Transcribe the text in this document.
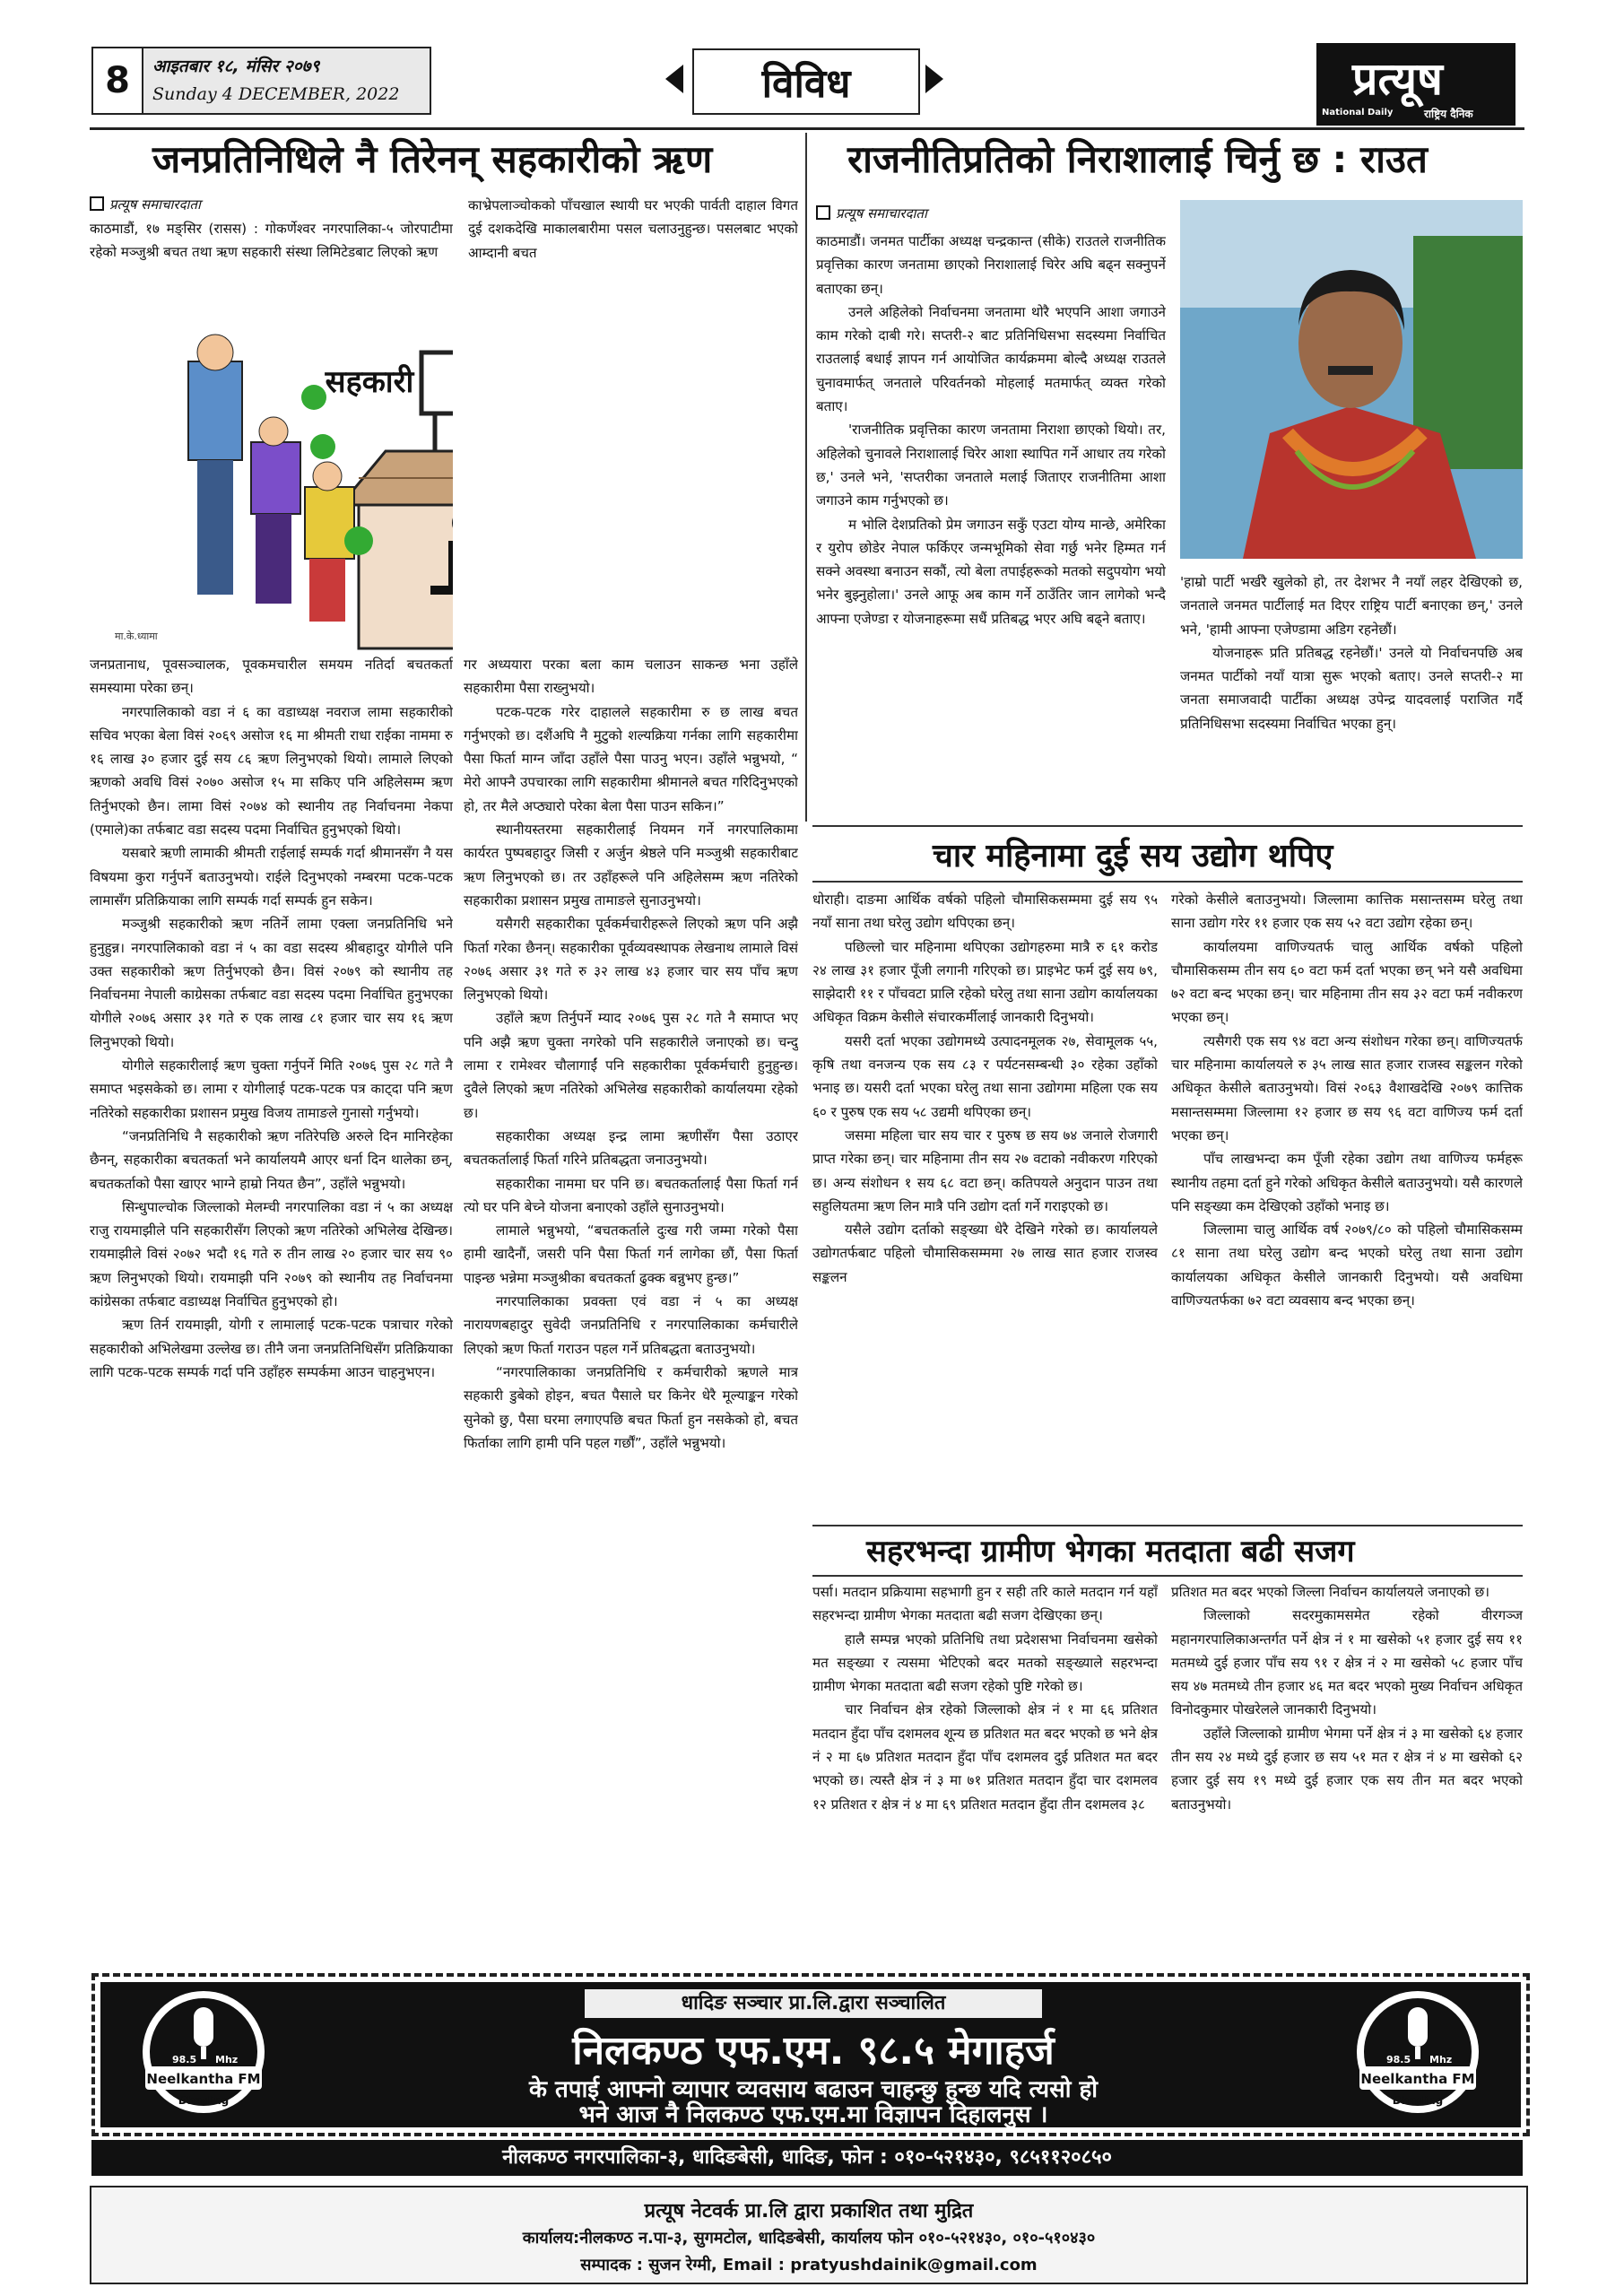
8	आइतबार १८, मंसिर २०७९
Sunday 4 DECEMBER, 2022	विविध	प्रत्यूष
National Daily	राष्ट्रिय दैनिक
जनप्रतिनिधिले नै तिरेनन् सहकारीको ऋण	राजनीतिप्रतिको निराशालाई चिर्नु छ : राउत
प्रत्यूष समाचारदाता

काठमाडौं, १७ मङ्सिर (रासस) : गोकर्णेश्वर नगरपालिका-५ जोरपाटीमा रहेको मञ्जुश्री बचत तथा ऋण सहकारी संस्था लिमिटेडबाट लिएको ऋण

काभ्रेपलाञ्चोकको पाँचखाल स्थायी घर भएकी पार्वती दाहाल विगत दुई दशकदेखि माकालबारीमा पसल चलाउनुहुन्छ। पसलबाट भएको आम्दानी बचत

मा.के.ध्यामा
सहकारी

जनप्रतानाध, पूवसञ्चालक, पूवकमचारील समयम नतिर्दा बचतकर्ता समस्यामा परेका छन्।

नगरपालिकाको वडा नं ६ का वडाध्यक्ष नवराज लामा सहकारीको सचिव भएका बेला विसं २०६९ असोज १६ मा श्रीमती राधा राईका नाममा रु १६ लाख ३० हजार दुई सय ८६ ऋण लिनुभएको थियो। लामाले लिएको ऋणको अवधि विसं २०७० असोज १५ मा सकिए पनि अहिलेसम्म ऋण तिर्नुभएको छैन। लामा विसं २०७४ को स्थानीय तह निर्वाचनमा नेकपा (एमाले)का तर्फबाट वडा सदस्य पदमा निर्वाचित हुनुभएको थियो।

यसबारे ऋणी लामाकी श्रीमती राईलाई सम्पर्क गर्दा श्रीमानसँग नै यस विषयमा कुरा गर्नुपर्ने बताउनुभयो। राईले दिनुभएको नम्बरमा पटक-पटक लामासँग प्रतिक्रियाका लागि सम्पर्क गर्दा सम्पर्क हुन सकेन।

मञ्जुश्री सहकारीको ऋण नतिर्ने लामा एक्ला जनप्रतिनिधि भने हुनुहुन्न। नगरपालिकाको वडा नं ५ का वडा सदस्य श्रीबहादुर योगीले पनि उक्त सहकारीको ऋण तिर्नुभएको छैन। विसं २०७९ को स्थानीय तह निर्वाचनमा नेपाली काग्रेसका तर्फबाट वडा सदस्य पदमा निर्वाचित हुनुभएका योगीले २०७६ असार ३१ गते रु एक लाख ८१ हजार चार सय १६ ऋण लिनुभएको थियो।

योगीले सहकारीलाई ऋण चुक्ता गर्नुपर्ने मिति २०७६ पुस २८ गते नै समाप्त भइसकेको छ। लामा र योगीलाई पटक-पटक पत्र काट्दा पनि ऋण नतिरेको सहकारीका प्रशासन प्रमुख विजय तामाङले गुनासो गर्नुभयो।

“जनप्रतिनिधि नै सहकारीको ऋण नतिरेपछि अरुले दिन मानिरहेका छैनन्, सहकारीका बचतकर्ता भने कार्यालयमै आएर धर्ना दिन थालेका छन्, बचतकर्ताको पैसा खाएर भाग्ने हाम्रो नियत छैन”, उहाँले भन्नुभयो।

सिन्धुपाल्चोक जिल्लाको मेलम्ची नगरपालिका वडा नं ५ का अध्यक्ष राजु रायमाझीले पनि सहकारीसँग लिएको ऋण नतिरेको अभिलेख देखिन्छ। रायमाझीले विसं २०७२ भदौ १६ गते रु तीन लाख २० हजार चार सय ९० ऋण लिनुभएको थियो। रायमाझी पनि २०७९ को स्थानीय तह निर्वाचनमा कांग्रेसका तर्फबाट वडाध्यक्ष निर्वाचित हुनुभएको हो।

ऋण तिर्न रायमाझी, योगी र लामालाई पटक-पटक पत्राचार गरेको सहकारीको अभिलेखमा उल्लेख छ। तीनै जना जनप्रतिनिधिसँग प्रतिक्रियाका लागि पटक-पटक सम्पर्क गर्दा पनि उहाँहरु सम्पर्कमा आउन चाहनुभएन।

गर अध्ययारा परका बला काम चलाउन साकन्छ भना उहाँले सहकारीमा पैसा राख्नुभयो।

पटक-पटक गरेर दाहालले सहकारीमा रु छ लाख बचत गर्नुभएको छ। दशैंअघि नै मुटुको शल्यक्रिया गर्नका लागि सहकारीमा पैसा फिर्ता माग्न जाँदा उहाँले पैसा पाउनु भएन। उहाँले भन्नुभयो, “ मेरो आफ्नै उपचारका लागि सहकारीमा श्रीमानले बचत गरिदिनुभएको हो, तर मैले अप्ठ्यारो परेका बेला पैसा पाउन सकिन।”

स्थानीयस्तरमा सहकारीलाई नियमन गर्ने नगरपालिकामा कार्यरत पुष्पबहादुर जिसी र अर्जुन श्रेष्ठले पनि मञ्जुश्री सहकारीबाट ऋण लिनुभएको छ। तर उहाँहरूले पनि अहिलेसम्म ऋण नतिरेको सहकारीका प्रशासन प्रमुख तामाङले सुनाउनुभयो।

यसैगरी सहकारीका पूर्वकर्मचारीहरूले लिएको ऋण पनि अझै फिर्ता गरेका छैनन्। सहकारीका पूर्वव्यवस्थापक लेखनाथ लामाले विसं २०७६ असार ३१ गते रु ३२ लाख ४३ हजार चार सय पाँच ऋण लिनुभएको थियो।

उहाँले ऋण तिर्नुपर्ने म्याद २०७६ पुस २८ गते नै समाप्त भए पनि अझै ऋण चुक्ता नगरेको पनि सहकारीले जनाएको छ। चन्दु लामा र रामेश्वर चौलागाईं पनि सहकारीका पूर्वकर्मचारी हुनुहुन्छ। दुवैले लिएको ऋण नतिरेको अभिलेख सहकारीको कार्यालयमा रहेको छ।

सहकारीका अध्यक्ष इन्द्र लामा ऋणीसँग पैसा उठाएर बचतकर्तालाई फिर्ता गरिने प्रतिबद्धता जनाउनुभयो।

सहकारीका नाममा घर पनि छ। बचतकर्तालाई पैसा फिर्ता गर्न त्यो घर पनि बेच्ने योजना बनाएको उहाँले सुनाउनुभयो।

लामाले भन्नुभयो, “बचतकर्ताले दुःख गरी जम्मा गरेको पैसा हामी खादैनौं, जसरी पनि पैसा फिर्ता गर्न लागेका छौं, पैसा फिर्ता पाइन्छ भन्नेमा मञ्जुश्रीका बचतकर्ता ढुक्क बन्नुभए हुन्छ।”

नगरपालिकाका प्रवक्ता एवं वडा नं ५ का अध्यक्ष नारायणबहादुर सुवेदी जनप्रतिनिधि र नगरपालिकाका कर्मचारीले लिएको ऋण फिर्ता गराउन पहल गर्ने प्रतिबद्धता बताउनुभयो।

“नगरपालिकाका जनप्रतिनिधि र कर्मचारीको ऋणले मात्र सहकारी डुबेको होइन, बचत पैसाले घर किनेर धेरै मूल्याङ्कन गरेको सुनेको छु, पैसा घरमा लगाएपछि बचत फिर्ता हुन नसकेको हो, बचत फिर्ताका लागि हामी पनि पहल गर्छौं”, उहाँले भन्नुभयो।

प्रत्यूष समाचारदाता

काठमाडौं। जनमत पार्टीका अध्यक्ष चन्द्रकान्त (सीके) राउतले राजनीतिक प्रवृत्तिका कारण जनतामा छाएको निराशालाई चिरेर अघि बढ्न सक्नुपर्ने बताएका छन्।

उनले अहिलेको निर्वाचनमा जनतामा थोरै भएपनि आशा जगाउने काम गरेको दाबी गरे। सप्तरी-२ बाट प्रतिनिधिसभा सदस्यमा निर्वाचित राउतलाई बधाई ज्ञापन गर्न आयोजित कार्यक्रममा बोल्दै अध्यक्ष राउतले चुनावमार्फत् जनताले परिवर्तनको मोहलाई मतमार्फत् व्यक्त गरेको बताए।

'राजनीतिक प्रवृत्तिका कारण जनतामा निराशा छाएको थियो। तर, अहिलेको चुनावले निराशालाई चिरेर आशा स्थापित गर्ने आधार तय गरेको छ,' उनले भने, 'सप्तरीका जनताले मलाई जिताएर राजनीतिमा आशा जगाउने काम गर्नुभएको छ।

म भोलि देशप्रतिको प्रेम जगाउन सकुँ एउटा योग्य मान्छे, अमेरिका र युरोप छोडेर नेपाल फर्किएर जन्मभूमिको सेवा गर्छु भनेर हिम्मत गर्न सक्ने अवस्था बनाउन सकौं, त्यो बेला तपाईहरूको मतको सदुपयोग भयो भनेर बुझ्नुहोला।' उनले आफू अब काम गर्ने ठाउँतिर जान लागेको भन्दै आफ्ना एजेण्डा र योजनाहरूमा सधैं प्रतिबद्ध भएर अघि बढ्ने बताए।

'हाम्रो पार्टी भर्खरै खुलेको हो, तर देशभर नै नयाँ लहर देखिएको छ, जनताले जनमत पार्टीलाई मत दिएर राष्ट्रिय पार्टी बनाएका छन्,' उनले भने, 'हामी आफ्ना एजेण्डामा अडिग रहनेछौं।

योजनाहरू प्रति प्रतिबद्ध रहनेछौं।' उनले यो निर्वाचनपछि अब जनमत पार्टीको नयाँ यात्रा सुरू भएको बताए। उनले सप्तरी-२ मा जनता समाजवादी पार्टीका अध्यक्ष उपेन्द्र यादवलाई पराजित गर्दै प्रतिनिधिसभा सदस्यमा निर्वाचित भएका हुन्।

चार महिनामा दुई सय उद्योग थपिए

धोराही। दाङमा आर्थिक वर्षको पहिलो चौमासिकसम्ममा दुई सय ९५ नयाँ साना तथा घरेलु उद्योग थपिएका छन्।

पछिल्लो चार महिनामा थपिएका उद्योगहरुमा मात्रै रु ६१ करोड २४ लाख ३१ हजार पूँजी लगानी गरिएको छ। प्राइभेट फर्म दुई सय ७९, साझेदारी ११ र पाँचवटा प्रालि रहेको घरेलु तथा साना उद्योग कार्यालयका अधिकृत विक्रम केसीले संचारकर्मीलाई जानकारी दिनुभयो।

यसरी दर्ता भएका उद्योगमध्ये उत्पादनमूलक २७, सेवामूलक ५५, कृषि तथा वनजन्य एक सय ८३ र पर्यटनसम्बन्धी ३० रहेका उहाँको भनाइ छ। यसरी दर्ता भएका घरेलु तथा साना उद्योगमा महिला एक सय ६० र पुरुष एक सय ५८ उद्यमी थपिएका छन्।

जसमा महिला चार सय चार र पुरुष छ सय ७४ जनाले रोजगारी प्राप्त गरेका छन्। चार महिनामा तीन सय २७ वटाको नवीकरण गरिएको छ। अन्य संशोधन १ सय ६८ वटा छन्। कतिपयले अनुदान पाउन तथा सहुलियतमा ऋण लिन मात्रै पनि उद्योग दर्ता गर्ने गराइएको छ।

यसैले उद्योग दर्ताको सङ्ख्या धेरै देखिने गरेको छ। कार्यालयले उद्योगतर्फबाट पहिलो चौमासिकसम्ममा २७ लाख सात हजार राजस्व सङ्कलन

गरेको केसीले बताउनुभयो। जिल्लामा कात्तिक मसान्तसम्म घरेलु तथा साना उद्योग गरेर ११ हजार एक सय ५२ वटा उद्योग रहेका छन्।

कार्यालयमा वाणिज्यतर्फ चालु आर्थिक वर्षको पहिलो चौमासिकसम्म तीन सय ६० वटा फर्म दर्ता भएका छन् भने यसै अवधिमा ७२ वटा बन्द भएका छन्। चार महिनामा तीन सय ३२ वटा फर्म नवीकरण भएका छन्।

त्यसैगरी एक सय ९४ वटा अन्य संशोधन गरेका छन्। वाणिज्यतर्फ चार महिनामा कार्यालयले रु ३५ लाख सात हजार राजस्व सङ्कलन गरेको अधिकृत केसीले बताउनुभयो। विसं २०६३ वैशाखदेखि २०७९ कात्तिक मसान्तसम्ममा जिल्लामा १२ हजार छ सय ९६ वटा वाणिज्य फर्म दर्ता भएका छन्।

पाँच लाखभन्दा कम पूँजी रहेका उद्योग तथा वाणिज्य फर्महरू स्थानीय तहमा दर्ता हुने गरेको अधिकृत केसीले बताउनुभयो। यसै कारणले पनि सङ्ख्या कम देखिएको उहाँको भनाइ छ।

जिल्लामा चालु आर्थिक वर्ष २०७९/८० को पहिलो चौमासिकसम्म ८१ साना तथा घरेलु उद्योग बन्द भएको घरेलु तथा साना उद्योग कार्यालयका अधिकृत केसीले जानकारी दिनुभयो। यसै अवधिमा वाणिज्यतर्फका ७२ वटा व्यवसाय बन्द भएका छन्।

सहरभन्दा ग्रामीण भेगका मतदाता बढी सजग

पर्सा। मतदान प्रक्रियामा सहभागी हुन र सही तरि काले मतदान गर्न यहाँ सहरभन्दा ग्रामीण भेगका मतदाता बढी सजग देखिएका छन्।

हालै सम्पन्न भएको प्रतिनिधि तथा प्रदेशसभा निर्वाचनमा खसेको मत सङ्ख्या र त्यसमा भेटिएको बदर मतको सङ्ख्याले सहरभन्दा ग्रामीण भेगका मतदाता बढी सजग रहेको पुष्टि गरेको छ।

चार निर्वाचन क्षेत्र रहेको जिल्लाको क्षेत्र नं १ मा ६६ प्रतिशत मतदान हुँदा पाँच दशमलव शून्य छ प्रतिशत मत बदर भएको छ भने क्षेत्र नं २ मा ६७ प्रतिशत मतदान हुँदा पाँच दशमलव दुई प्रतिशत मत बदर भएको छ। त्यस्तै क्षेत्र नं ३ मा ७१ प्रतिशत मतदान हुँदा चार दशमलव १२ प्रतिशत र क्षेत्र नं ४ मा ६९ प्रतिशत मतदान हुँदा तीन दशमलव ३८

प्रतिशत मत बदर भएको जिल्ला निर्वाचन कार्यालयले जनाएको छ।

जिल्लाको सदरमुकामसमेत रहेको वीरगञ्ज महानगरपालिकाअन्तर्गत पर्ने क्षेत्र नं १ मा खसेको ५१ हजार दुई सय ११ मतमध्ये दुई हजार पाँच सय ९१ र क्षेत्र नं २ मा खसेको ५८ हजार पाँच सय ४७ मतमध्ये तीन हजार ४६ मत बदर भएको मुख्य निर्वाचन अधिकृत विनोदकुमार पोखरेलले जानकारी दिनुभयो।

उहाँले जिल्लाको ग्रामीण भेगमा पर्ने क्षेत्र नं ३ मा खसेको ६४ हजार तीन सय २४ मध्ये दुई हजार छ सय ५१ मत र क्षेत्र नं ४ मा खसेको ६२ हजार दुई सय १९ मध्ये दुई हजार एक सय तीन मत बदर भएको बताउनुभयो।

Neelkantha FM
98.5 Mhz
Dhading
धादिङ सञ्चार प्रा.लि.द्वारा सञ्चालित
निलकण्ठ एफ.एम. ९८.५ मेगाहर्ज
के तपाई आफ्नो व्यापार व्यवसाय बढाउन चाहन्छु हुन्छ यदि त्यसो हो
भने आज नै निलकण्ठ एफ.एम.मा विज्ञापन दिहालनुस ।
Neelkantha FM
98.5 Mhz
Dhading
नीलकण्ठ नगरपालिका-३, धादिङबेसी, धादिङ, फोन : ०१०-५२१४३०, ९८५११२०८५०
प्रत्यूष नेटवर्क प्रा.लि द्वारा प्रकाशित तथा मुद्रित
कार्यालय:नीलकण्ठ न.पा-३, सुगमटोल, धादिङबेसी, कार्यालय फोन ०१०-५२१४३०, ०१०-५१०४३०
सम्पादक : सुजन रेग्मी, Email : pratyushdainik@gmail.com
